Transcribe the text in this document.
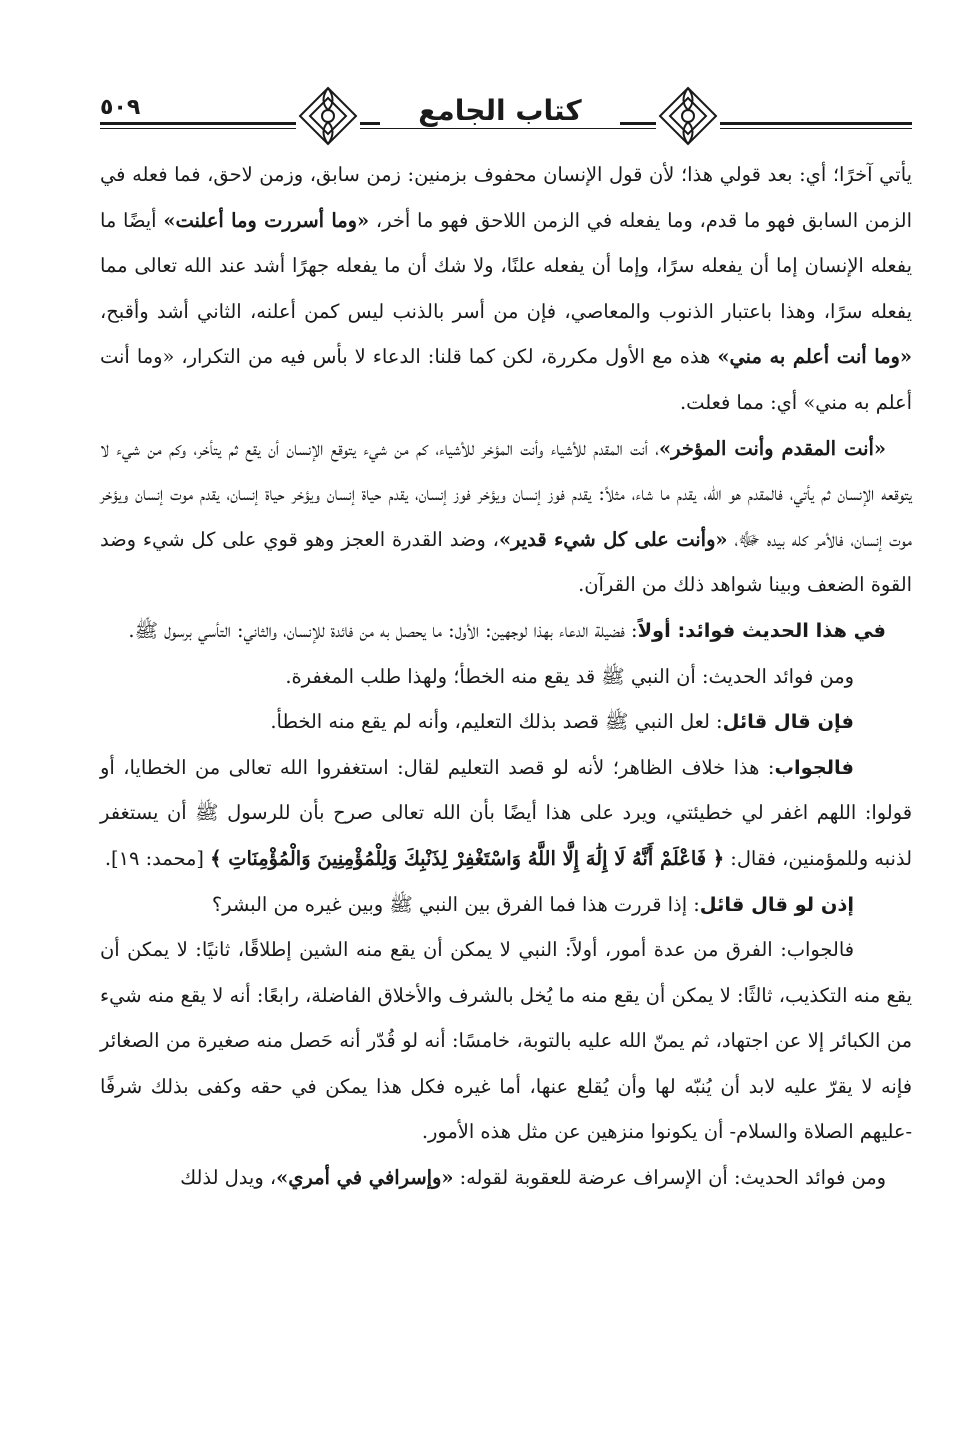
كتاب الجامع
٥٠٩

يأتي آخرًا؛ أي: بعد قولي هذا؛ لأن قول الإنسان محفوف بزمنين: زمن سابق، وزمن لاحق، فما فعله في الزمن السابق فهو ما قدم، وما يفعله في الزمن اللاحق فهو ما أخر، «وما أسررت وما أعلنت» أيضًا ما يفعله الإنسان إما أن يفعله سرًا، وإما أن يفعله علنًا، ولا شك أن ما يفعله جهرًا أشد عند الله تعالى مما يفعله سرًا، وهذا باعتبار الذنوب والمعاصي، فإن من أسر بالذنب ليس كمن أعلنه، الثاني أشد وأقبح، «وما أنت أعلم به مني» هذه مع الأول مكررة، لكن كما قلنا: الدعاء لا بأس فيه من التكرار، «وما أنت أعلم به مني» أي: مما فعلت.

«أنت المقدم وأنت المؤخر»، أنت المقدم للأشياء وأنت المؤخر للأشياء، كم من شيء يتوقع الإنسان أن يقع ثم يتأخر، وكم من شيء لا يتوقعه الإنسان ثم يأتي، فالمقدم هو الله، يقدم ما شاء، مثلاً: يقدم فوز إنسان ويؤخر فوز إنسان، يقدم حياة إنسان ويؤخر حياة إنسان، يقدم موت إنسان ويؤخر موت إنسان، فالأمر كله بيده ﷻ، «وأنت على كل شيء قدير»، وضد القدرة العجز وهو قوي على كل شيء وضد القوة الضعف وبينا شواهد ذلك من القرآن.

في هذا الحديث فوائد: أولاً: فضيلة الدعاء بهذا لوجهين: الأول: ما يحصل به من فائدة للإنسان، والثاني: التأسي برسول ﷺ.

ومن فوائد الحديث: أن النبي ﷺ قد يقع منه الخطأ؛ ولهذا طلب المغفرة.

فإن قال قائل: لعل النبي ﷺ قصد بذلك التعليم، وأنه لم يقع منه الخطأ.

فالجواب: هذا خلاف الظاهر؛ لأنه لو قصد التعليم لقال: استغفروا الله تعالى من الخطايا، أو قولوا: اللهم اغفر لي خطيئتي، ويرد على هذا أيضًا بأن الله تعالى صرح بأن للرسول ﷺ أن يستغفر لذنبه وللمؤمنين، فقال: ﴿ فَاعْلَمْ أَنَّهُ لَا إِلَٰهَ إِلَّا اللَّهُ وَاسْتَغْفِرْ لِذَنْبِكَ وَلِلْمُؤْمِنِينَ وَالْمُؤْمِنَاتِ ﴾ [محمد: ١٩].

إذن لو قال قائل: إذا قررت هذا فما الفرق بين النبي ﷺ وبين غيره من البشر؟

فالجواب: الفرق من عدة أمور، أولاً: النبي لا يمكن أن يقع منه الشين إطلاقًا، ثانيًا: لا يمكن أن يقع منه التكذيب، ثالثًا: لا يمكن أن يقع منه ما يُخل بالشرف والأخلاق الفاضلة، رابعًا: أنه لا يقع منه شيء من الكبائر إلا عن اجتهاد، ثم يمنّ الله عليه بالتوبة، خامسًا: أنه لو قُدّر أنه حَصل منه صغيرة من الصغائر فإنه لا يقرّ عليه لابد أن يُنبّه لها وأن يُقلع عنها، أما غيره فكل هذا يمكن في حقه وكفى بذلك شرفًا -عليهم الصلاة والسلام- أن يكونوا منزهين عن مثل هذه الأمور.

ومن فوائد الحديث: أن الإسراف عرضة للعقوبة لقوله: «وإسرافي في أمري»، ويدل لذلك
